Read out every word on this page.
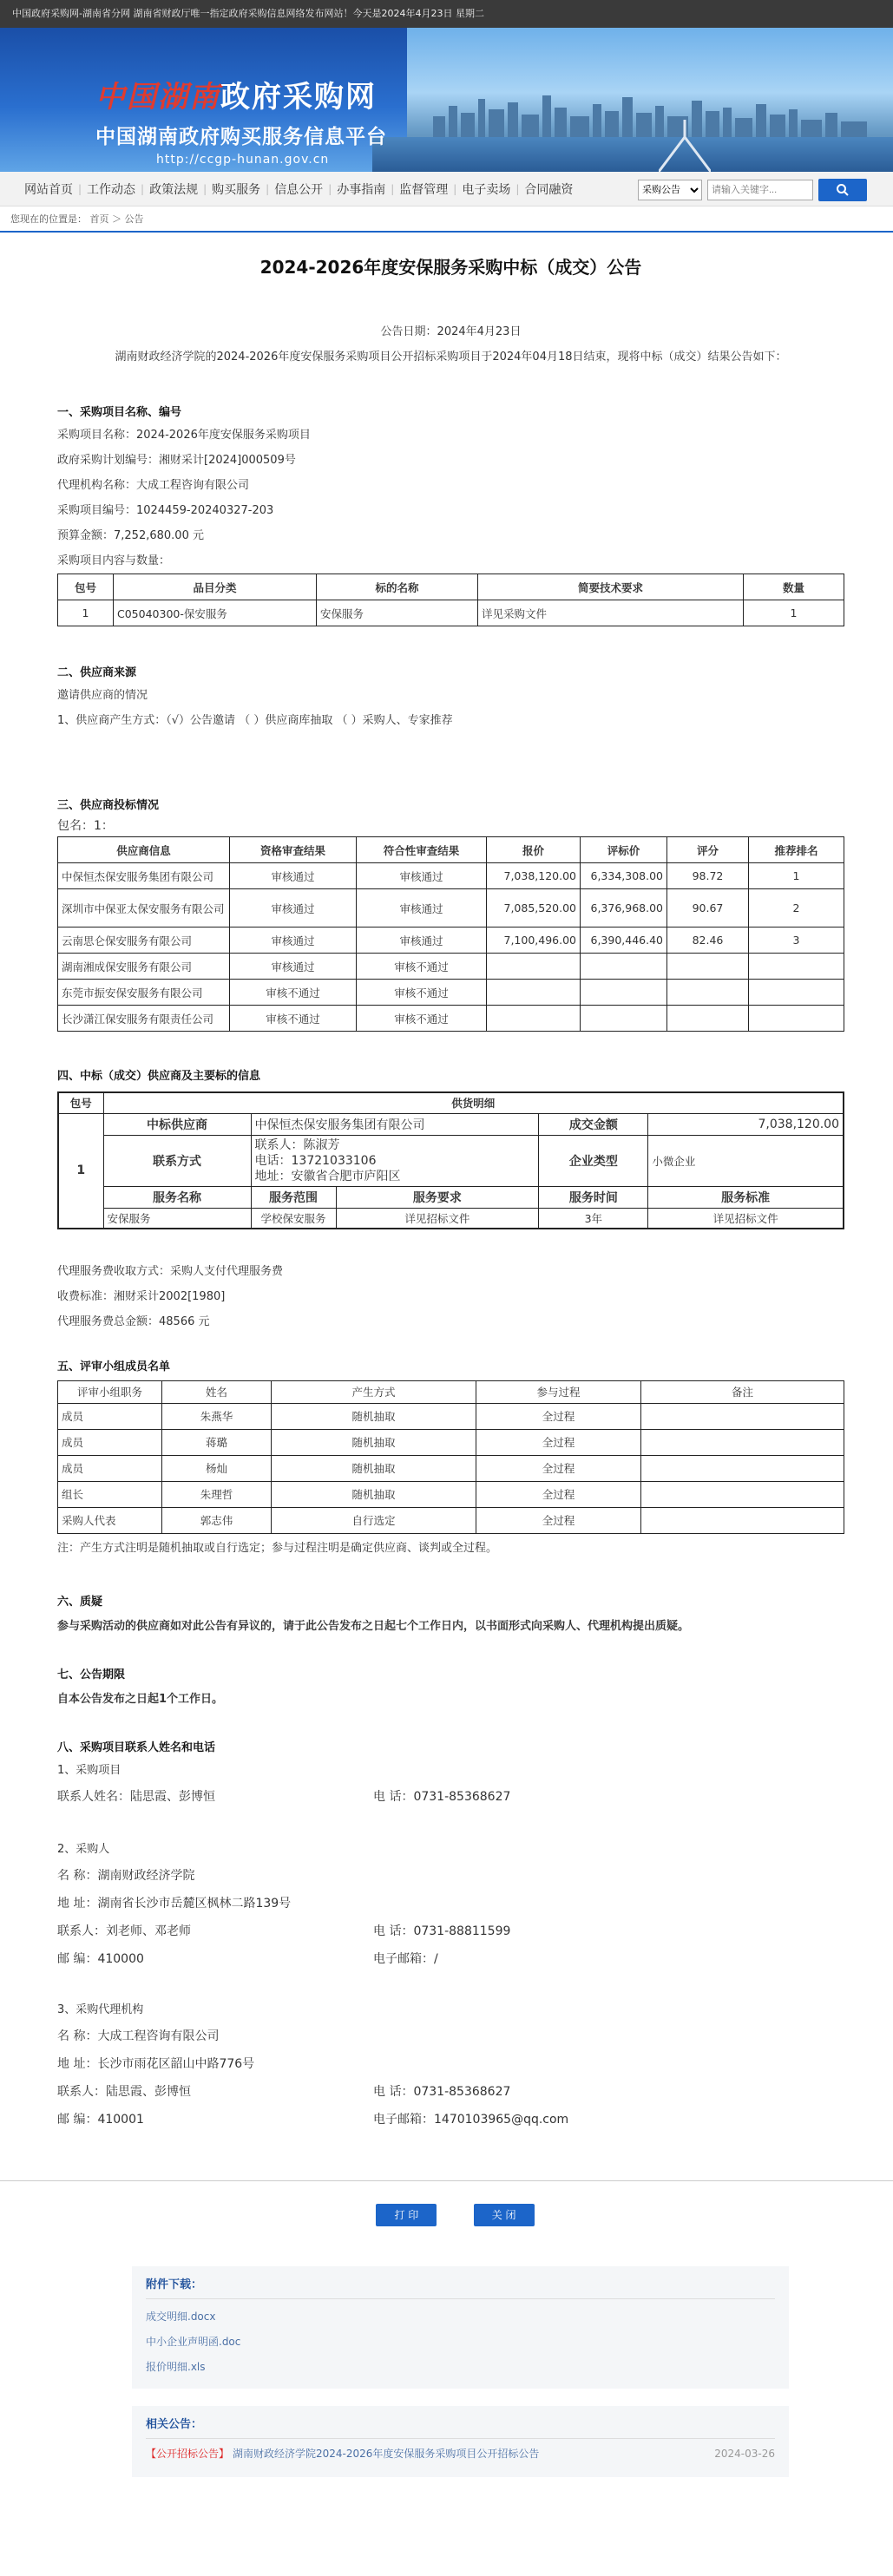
中国政府采购网-湖南省分网 湖南省财政厅唯一指定政府采购信息网络发布网站！今天是2024年4月23日 星期二
中国湖南政府采购网
中国湖南政府购买服务信息平台
http://ccgp-hunan.gov.cn
网站首页 | 工作动态 | 政策法规 | 购买服务 | 信息公开 | 办事指南 | 监督管理 | 电子卖场 | 合同融资
采购公告
请输入关键字...
您现在的位置是： 首页 ＞ 公告
2024-2026年度安保服务采购中标（成交）公告
公告日期：2024年4月23日
湖南财政经济学院的2024-2026年度安保服务采购项目公开招标采购项目于2024年04月18日结束，现将中标（成交）结果公告如下：
一、采购项目名称、编号
采购项目名称：2024-2026年度安保服务采购项目
政府采购计划编号：湘财采计[2024]000509号
代理机构名称：大成工程咨询有限公司
采购项目编号：1024459-20240327-203
预算金额：7,252,680.00 元
采购项目内容与数量：
包号	品目分类	标的名称	简要技术要求	数量
1	C05040300-保安服务	安保服务	详见采购文件	1
二、供应商来源
邀请供应商的情况
1、供应商产生方式：（√）公告邀请 （ ）供应商库抽取 （ ）采购人、专家推荐
三、供应商投标情况
包名：1：
供应商信息	资格审查结果	符合性审查结果	报价	评标价	评分	推荐排名
中保恒杰保安服务集团有限公司	审核通过	审核通过	7,038,120.00	6,334,308.00	98.72	1
深圳市中保亚太保安服务有限公司	审核通过	审核通过	7,085,520.00	6,376,968.00	90.67	2
云南思仑保安服务有限公司	审核通过	审核通过	7,100,496.00	6,390,446.40	82.46	3
湖南湘成保安服务有限公司	审核通过	审核不通过				
东莞市振安保安服务有限公司	审核不通过	审核不通过				
长沙潇江保安服务有限责任公司	审核不通过	审核不通过				
四、中标（成交）供应商及主要标的信息
包号	供货明细				
1	中标供应商	中保恒杰保安服务集团有限公司		成交金额	7,038,120.00
	联系方式	联系人：陈淑芳
电话：13721033106
地址：安徽省合肥市庐阳区		企业类型	小微企业
	服务名称	服务范围	服务要求	服务时间	服务标准
	安保服务	学校保安服务	详见招标文件	3年	详见招标文件
代理服务费收取方式：采购人支付代理服务费
收费标准：湘财采计2002[1980]
代理服务费总金额：48566 元
五、评审小组成员名单
评审小组职务	姓名	产生方式	参与过程	备注
成员	朱燕华	随机抽取	全过程	
成员	蒋璐	随机抽取	全过程	
成员	杨灿	随机抽取	全过程	
组长	朱理哲	随机抽取	全过程	
采购人代表	郭志伟	自行选定	全过程	
注：产生方式注明是随机抽取或自行选定；参与过程注明是确定供应商、谈判或全过程。
六、质疑
参与采购活动的供应商如对此公告有异议的，请于此公告发布之日起七个工作日内，以书面形式向采购人、代理机构提出质疑。
七、公告期限
自本公告发布之日起1个工作日。
八、采购项目联系人姓名和电话
1、采购项目
联系人姓名：陆思霞、彭博恒	电 话：0731-85368627
2、采购人
名 称：湖南财政经济学院
地 址：湖南省长沙市岳麓区枫林二路139号
联系人：刘老师、邓老师	电 话：0731-88811599
邮 编：410000	电子邮箱：/
3、采购代理机构
名 称：大成工程咨询有限公司
地 址：长沙市雨花区韶山中路776号
联系人：陆思霞、彭博恒	电 话：0731-85368627
邮 编：410001	电子邮箱：1470103965@qq.com
打 印	关 闭
附件下载：
成交明细.docx
中小企业声明函.doc
报价明细.xls
相关公告：
【公开招标公告】 湖南财政经济学院2024-2026年度安保服务采购项目公开招标公告	2024-03-26
